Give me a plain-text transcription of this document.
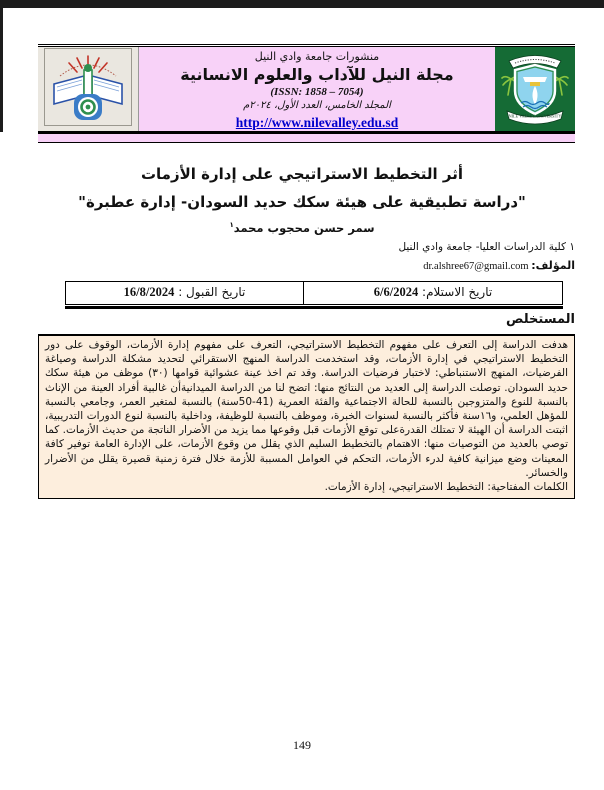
منشورات جامعة وادي النيل
مجلة النيل للآداب والعلوم الانسانية
(ISSN: 1858 – 7054)
المجلد الخامس، العدد الأول، ٢٠٢٤م
http://www.nilevalley.edu.sd	NILE VALLEY UNIVERSITY
أثر التخطيط الاستراتيجي على إدارة الأزمات
"دراسة تطبيقية على هيئة سكك حديد السودان- إدارة عطبرة"
سمر حسن محجوب محمد$^١$
١ كلية الدراسات العليا- جامعة وادي النيل
المؤلف: dr.alshree67@gmail.com
تاريخ الاستلام: 6/6/2024
تاريخ القبول : 16/8/2024
المستخلص

هدفت الدراسة إلى التعرف على مفهوم التخطيط الاستراتيجي، التعرف على مفهوم إدارة الأزمات، الوقوف على دور التخطيط الاستراتيجي في إدارة الأزمات، وقد استخدمت الدراسة المنهج الاستقرائي لتحديد مشكلة الدراسة وصياغة الفرضيات، المنهج الاستنباطي: لاختبار فرضيات الدراسة. وقد تم اخذ عينة عشوائية قوامها (٣٠) موظف من هيئة سكك حديد السودان. توصلت الدراسة إلى العديد من النتائج منها: اتضح لنا من الدراسة الميدانيةأن غالبية أفراد العينة من الإناث بالنسبة للنوع والمتزوجين بالنسبة للحالة الاجتماعية والفئة العمرية (41-50سنة) بالنسبة لمتغير العمر، وجامعي بالنسبة للمؤهل العلمي، و١٦سنة فأكثر بالنسبة لسنوات الخبرة، وموظف بالنسبة للوظيفة، وداخلية بالنسبة لنوع الدورات التدريبية، اثبتت الدراسة أن الهيئة لا تمتلك القدرةعلى توقع الأزمات قبل وقوعها مما يزيد من الأضرار الناتجة من حديث الأزمات. كما توصي بالعديد من التوصيات منها: الاهتمام بالتخطيط السليم الذي يقلل من وقوع الأزمات، على الإدارة العامة توفير كافة المعينات وضع ميزانية كافية لدرء الأزمات، التحكم في العوامل المسببة للأزمة خلال فترة زمنية قصيرة يقلل من الأضرار والخسائر.

الكلمات المفتاحية: التخطيط الاستراتيجي، إدارة الأزمات.

149
